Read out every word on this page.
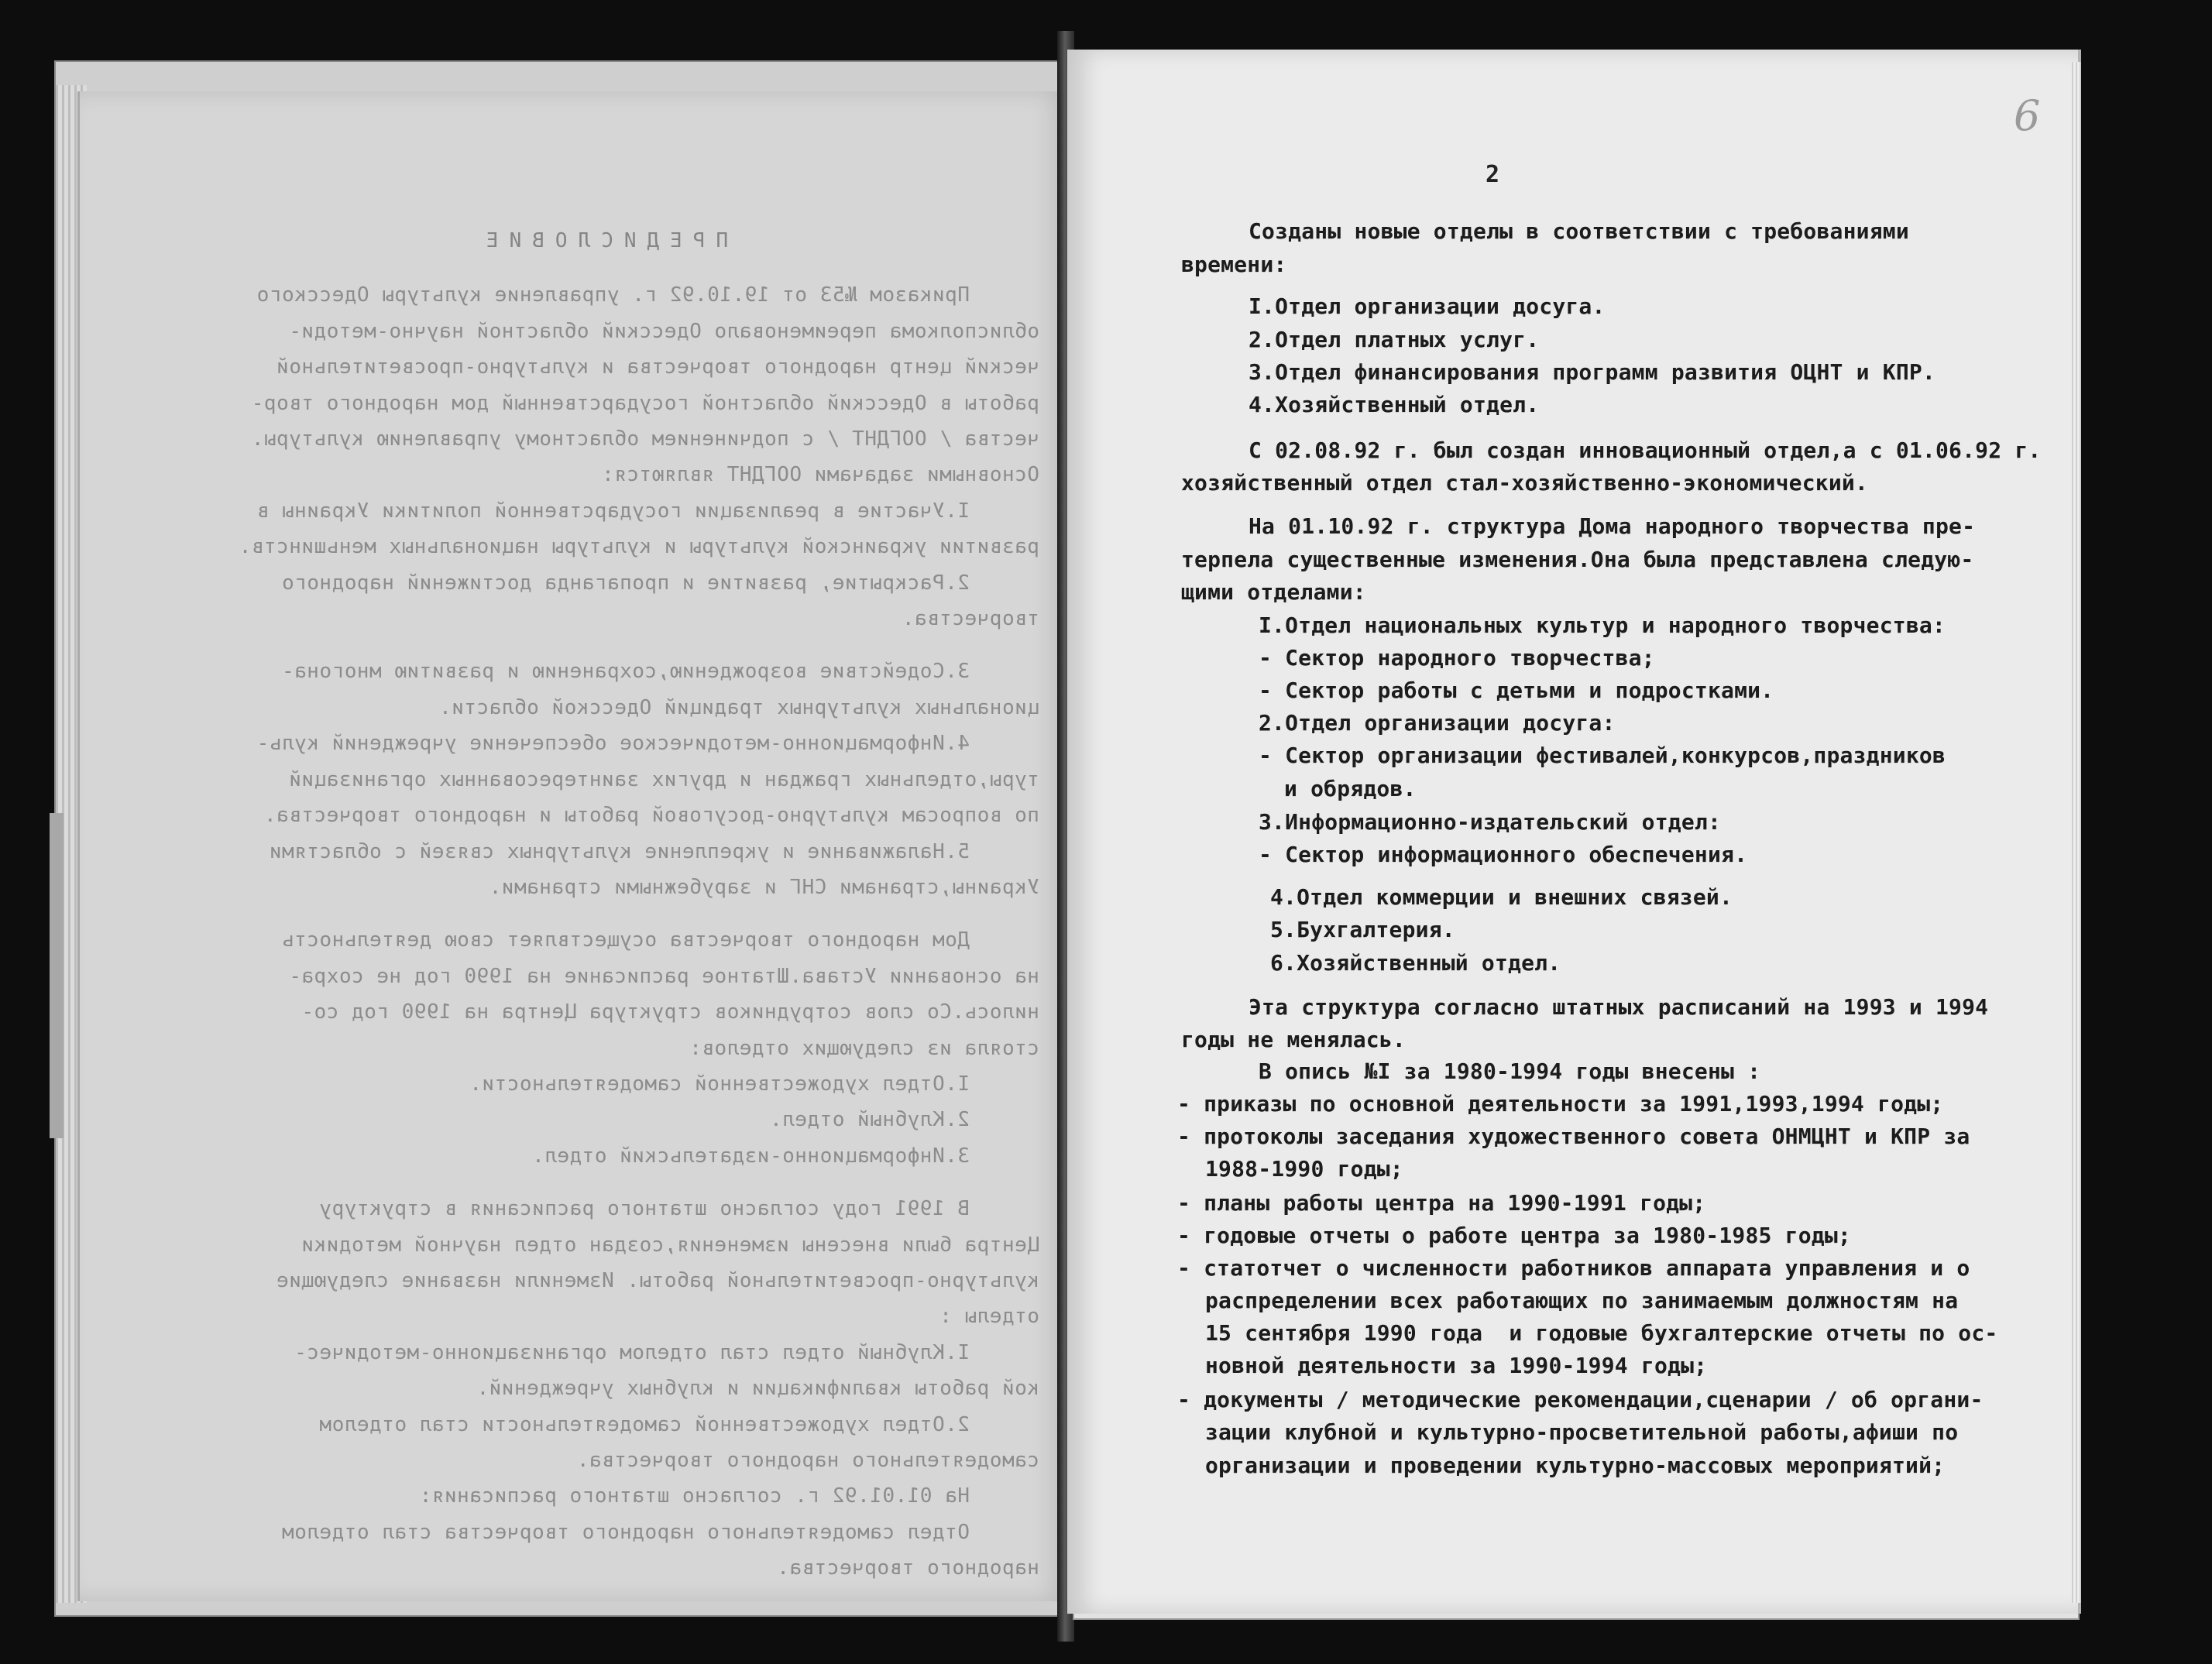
ПРЕДИСЛОВИЕ
Приказом №53 от 19.10.92 г. управление культуры Одесского
облисполкома переименовало Одесский областной научно-методи-
ческий центр народного творчества и культурно-просветительной
работы в Одесский областной государственный дом народного твор-
чества / ООГДНТ / с подчинением областному управлению культуры.
Основными задачами ООГДНТ являются:
I.Участие в реализации государственной политики Украины в
развитии украинской культуры и культуры национальных меньшинств.
2.Раскрытие, развитие и пропаганда достижений народного
творчества.
3.Содействие возрождению,сохранению и развитию многона-
циональных культурных традиций Одесской области.
4.Информационно-методическое обеспечение учреждений куль-
туры,отдельных граждан и других заинтересованных организаций
по вопросам культурно-досуговой работы и народного творчества.
5.Налаживание и укрепление культурных связей с областями
Украины,странами СНГ и зарубежными странами.
Дом народного творчества осуществляет свою деятельность
на основании Устава.Штатное расписание на 1990 год не сохра-
нилось.Со слов сотрудников структура Центра на 1990 год со-
стояла из следующих отделов:
I.Отдел художественной самодеятельности.
2.Клубный отдел.
3.Информационно-издательский отдел.
В 1991 году согласно штатного расписания в структуру
Центра были внесены изменения,создан отдел научной методики
культурно-просветительной работы. Изменили название следующие
отделы :
I.Клубный отдел стал отделом организационно-методичес-
кой работы квалификации и клубных учреждений.
2.Отдел художественной самодеятельности стал отделом
самодеятельного народного творчества.
На 01.01.92 г. согласно штатного расписания:
Отдел самодеятельного народного творчества стал отделом
народного творчества.
6
2
Созданы новые отделы в соответствии с требованиями
времени:
I.Отдел организации досуга.
2.Отдел платных услуг.
3.Отдел финансирования программ развития ОЦНТ и КПР.
4.Хозяйственный отдел.
С 02.08.92 г. был создан инновационный отдел,а с 01.06.92 г.
хозяйственный отдел стал-хозяйственно-экономический.
На 01.10.92 г. структура Дома народного творчества пре-
терпела существенные изменения.Она была представлена следую-
щими отделами:
I.Отдел национальных культур и народного творчества:
- Сектор народного творчества;
- Сектор работы с детьми и подростками.
2.Отдел организации досуга:
- Сектор организации фестивалей,конкурсов,праздников
и обрядов.
3.Информационно-издательский отдел:
- Сектор информационного обеспечения.
4.Отдел коммерции и внешних связей.
5.Бухгалтерия.
6.Хозяйственный отдел.
Эта структура согласно штатных расписаний на 1993 и 1994
годы не менялась.
В опись №I за 1980-1994 годы внесены :
- приказы по основной деятельности за 1991,1993,1994 годы;
- протоколы заседания художественного совета ОНМЦНТ и КПР за
1988-1990 годы;
- планы работы центра на 1990-1991 годы;
- годовые отчеты о работе центра за 1980-1985 годы;
- статотчет о численности работников аппарата управления и о
распределении всех работающих по занимаемым должностям на
15 сентября 1990 года  и годовые бухгалтерские отчеты по ос-
новной деятельности за 1990-1994 годы;
- документы / методические рекомендации,сценарии / об органи-
зации клубной и культурно-просветительной работы,афиши по
организации и проведении культурно-массовых мероприятий;
